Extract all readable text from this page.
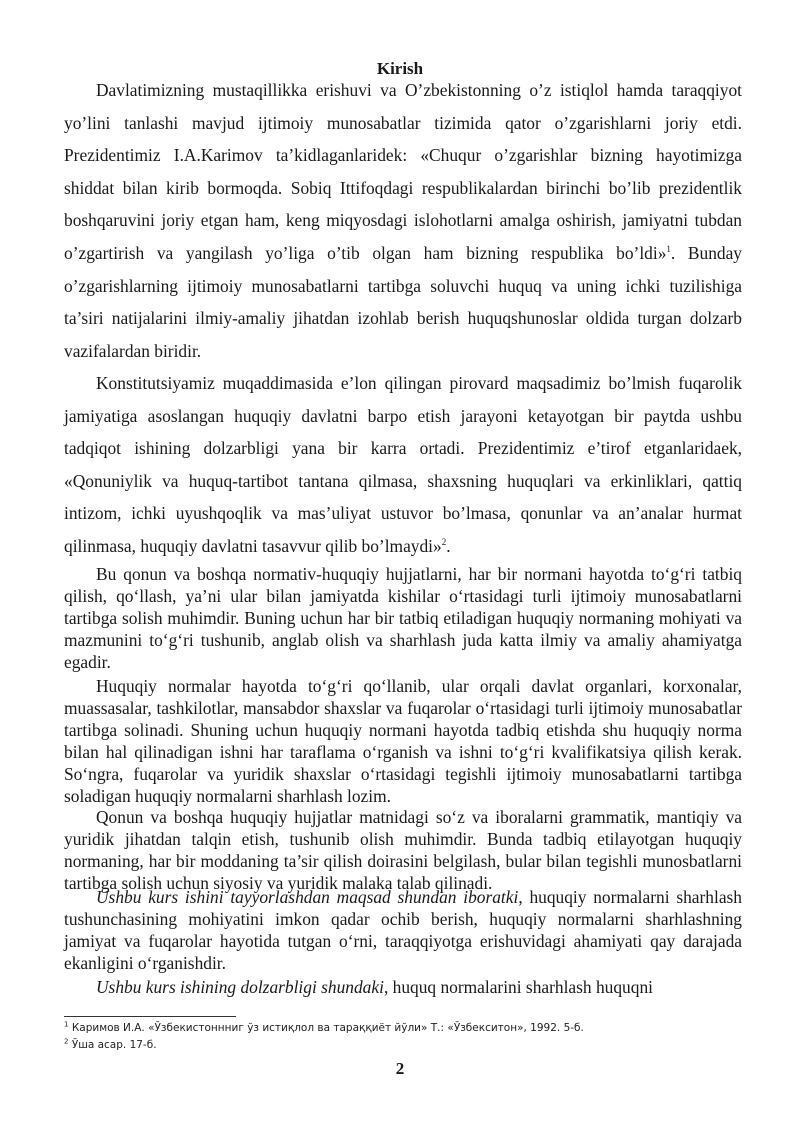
Kirish

Davlatimizning mustaqillikka erishuvi va O’zbekistonning o’z istiqlol hamda taraqqiyot yo’lini tanlashi mavjud ijtimoiy munosabatlar tizimida qator o’zgarishlarni joriy etdi. Prezidentimiz I.A.Karimov ta’kidlaganlaridek: «Chuqur o’zgarishlar bizning hayotimizga shiddat bilan kirib bormoqda. Sobiq Ittifoqdagi respublikalardan birinchi bo’lib prezidentlik boshqaruvini joriy etgan ham, keng miqyosdagi islohotlarni amalga oshirish, jamiyatni tubdan o’zgartirish va yangilash yo’liga o’tib olgan ham bizning respublika bo’ldi»$^1$. Bunday o’zgarishlarning ijtimoiy munosabatlarni tartibga soluvchi huquq va uning ichki tuzilishiga ta’siri natijalarini ilmiy-amaliy jihatdan izohlab berish huquqshunoslar oldida turgan dolzarb vazifalardan biridir.

Konstitutsiyamiz muqaddimasida e’lon qilingan pirovard maqsadimiz bo’lmish fuqarolik jamiyatiga asoslangan huquqiy davlatni barpo etish jarayoni ketayotgan bir paytda ushbu tadqiqot ishining dolzarbligi yana bir karra ortadi. Prezidentimiz e’tirof etganlaridaek, «Qonuniylik va huquq-tartibot tantana qilmasa, shaxsning huquqlari va erkinliklari, qattiq intizom, ichki uyushqoqlik va mas’uliyat ustuvor bo’lmasa, qonunlar va an’analar hurmat qilinmasa, huquqiy davlatni tasavvur qilib bo’lmaydi»$^2$.

Bu qonun va boshqa normativ-huquqiy hujjatlarni, har bir normani hayotda to‘g‘ri tatbiq qilish, qo‘llash, ya’ni ular bilan jamiyatda kishilar o‘rtasidagi turli ijtimoiy munosabatlarni tartibga solish muhimdir. Buning uchun har bir tatbiq etiladigan huquqiy normaning mohiyati va mazmunini to‘g‘ri tushunib, anglab olish va sharhlash juda katta ilmiy va amaliy ahamiyatga egadir.

Huquqiy normalar hayotda to‘g‘ri qo‘llanib, ular orqali davlat organlari, korxonalar, muassasalar, tashkilotlar, mansabdor shaxslar va fuqarolar o‘rtasidagi turli ijtimoiy munosabatlar tartibga solinadi. Shuning uchun huquqiy normani hayotda tadbiq etishda shu huquqiy norma bilan hal qilinadigan ishni har taraflama o‘rganish va ishni to‘g‘ri kvalifikatsiya qilish kerak. So‘ngra, fuqarolar va yuridik shaxslar o‘rtasidagi tegishli ijtimoiy munosabatlarni tartibga soladigan huquqiy normalarni sharhlash lozim.

Qonun va boshqa huquqiy hujjatlar matnidagi so‘z va iboralarni grammatik, mantiqiy va yuridik jihatdan talqin etish, tushunib olish muhimdir. Bunda tadbiq etilayotgan huquqiy normaning, har bir moddaning ta’sir qilish doirasini belgilash, bular bilan tegishli munosbatlarni tartibga solish uchun siyosiy va yuridik malaka talab qilinadi.

Ushbu kurs ishini tayyorlashdan maqsad shundan iboratki, huquqiy normalarni sharhlash tushunchasining mohiyatini imkon qadar ochib berish, huquqiy normalarni sharhlashning jamiyat va fuqarolar hayotida tutgan o‘rni, taraqqiyotga erishuvidagi ahamiyati qay darajada ekanligini o‘rganishdir.

Ushbu kurs ishining dolzarbligi shundaki, huquq normalarini sharhlash huquqni

$^1$ Каримов И.А. «Ўзбекистоннниг ўз истиқлол ва тараққиёт йўли» Т.: «Ўзбекситон», 1992. 5-б.
$^2$ Ўша асар. 17-б.
2
